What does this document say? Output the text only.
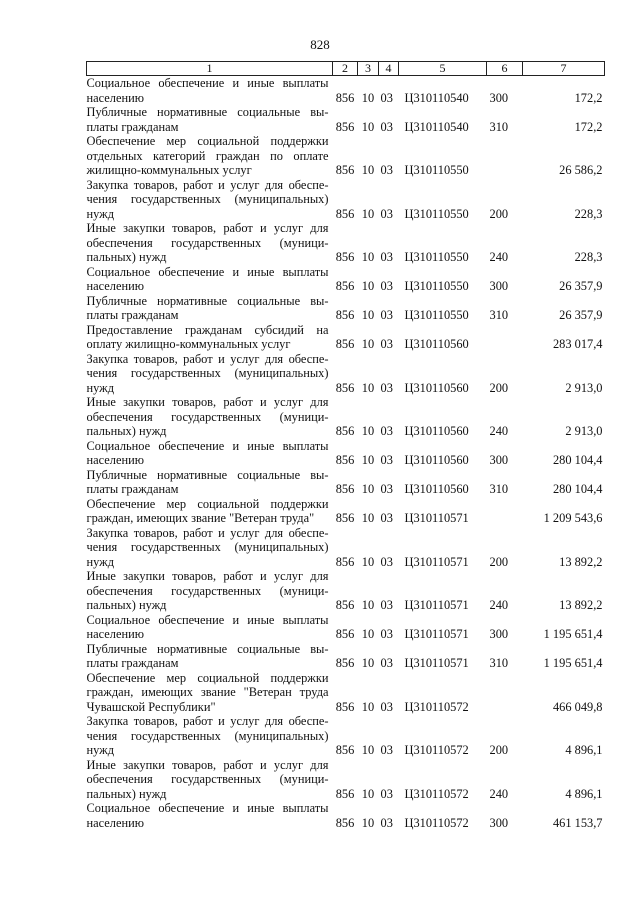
828
1	2	3	4	5	6	7

Социальное обеспечение и иные выплаты
населению	856	10	03	Ц310110540	300	172,2

Публичные нормативные социальные вы-
платы гражданам	856	10	03	Ц310110540	310	172,2

Обеспечение мер социальной поддержки
отдельных категорий граждан по оплате
жилищно-коммунальных услуг	856	10	03	Ц310110550		26 586,2

Закупка товаров, работ и услуг для обеспе-
чения государственных (муниципальных)
нужд	856	10	03	Ц310110550	200	228,3

Иные закупки товаров, работ и услуг для
обеспечения государственных (муници-
пальных) нужд	856	10	03	Ц310110550	240	228,3

Социальное обеспечение и иные выплаты
населению	856	10	03	Ц310110550	300	26 357,9

Публичные нормативные социальные вы-
платы гражданам	856	10	03	Ц310110550	310	26 357,9

Предоставление гражданам субсидий на
оплату жилищно-коммунальных услуг	856	10	03	Ц310110560		283 017,4

Закупка товаров, работ и услуг для обеспе-
чения государственных (муниципальных)
нужд	856	10	03	Ц310110560	200	2 913,0

Иные закупки товаров, работ и услуг для
обеспечения государственных (муници-
пальных) нужд	856	10	03	Ц310110560	240	2 913,0

Социальное обеспечение и иные выплаты
населению	856	10	03	Ц310110560	300	280 104,4

Публичные нормативные социальные вы-
платы гражданам	856	10	03	Ц310110560	310	280 104,4

Обеспечение мер социальной поддержки
граждан, имеющих звание "Ветеран труда"	856	10	03	Ц310110571		1 209 543,6

Закупка товаров, работ и услуг для обеспе-
чения государственных (муниципальных)
нужд	856	10	03	Ц310110571	200	13 892,2

Иные закупки товаров, работ и услуг для
обеспечения государственных (муници-
пальных) нужд	856	10	03	Ц310110571	240	13 892,2

Социальное обеспечение и иные выплаты
населению	856	10	03	Ц310110571	300	1 195 651,4

Публичные нормативные социальные вы-
платы гражданам	856	10	03	Ц310110571	310	1 195 651,4

Обеспечение мер социальной поддержки
граждан, имеющих звание "Ветеран труда
Чувашской Республики"	856	10	03	Ц310110572		466 049,8

Закупка товаров, работ и услуг для обеспе-
чения государственных (муниципальных)
нужд	856	10	03	Ц310110572	200	4 896,1

Иные закупки товаров, работ и услуг для
обеспечения государственных (муници-
пальных) нужд	856	10	03	Ц310110572	240	4 896,1

Социальное обеспечение и иные выплаты
населению	856	10	03	Ц310110572	300	461 153,7
